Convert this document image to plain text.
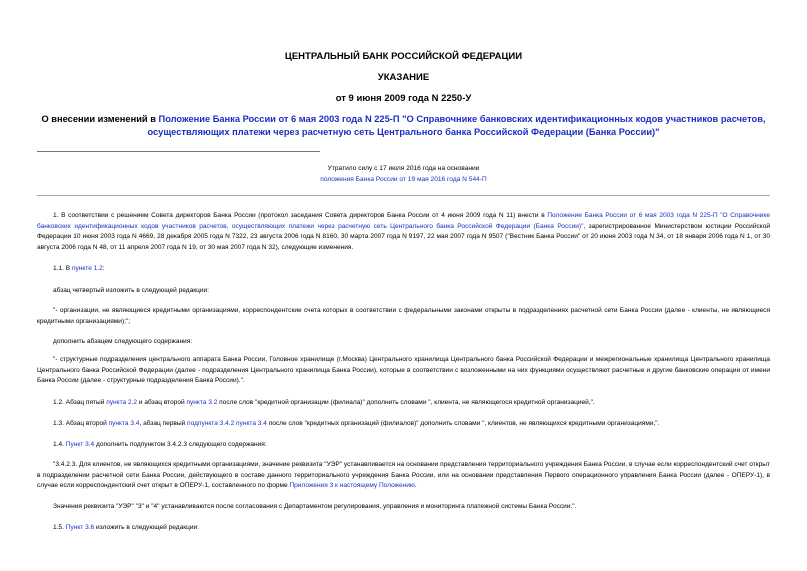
ЦЕНТРАЛЬНЫЙ БАНК РОССИЙСКОЙ ФЕДЕРАЦИИ
УКАЗАНИЕ
от 9 июня 2009 года N 2250-У
О внесении изменений в Положение Банка России от 6 мая 2003 года N 225-П "О Справочнике банковских идентификационных кодов участников расчетов, осуществляющих платежи через расчетную сеть Центрального банка Российской Федерации (Банка России)"
Утратило силу с 17 июля 2016 года на основании
положения Банка России от 19 мая 2016 года N 544-П
1. В соответствии с решением Совета директоров Банка России (протокол заседания Совета директоров Банка России от 4 июня 2009 года N 11) внести в Положение Банка России от 6 мая 2003 года N 225-П "О Справочнике банковских идентификационных кодов участников расчетов, осуществляющих платежи через расчетную сеть Центрального банка Российской Федерации (Банка России)", зарегистрированное Министерством юстиции Российской Федерации 10 июня 2003 года N 4669, 28 декабря 2005 года N 7322, 23 августа 2006 года N 8160, 30 марта 2007 года N 9197, 22 мая 2007 года N 9507 ("Вестник Банка России" от 20 июня 2003 года N 34, от 18 января 2006 года N 1, от 30 августа 2006 года N 48, от 11 апреля 2007 года N 19, от 30 мая 2007 года N 32), следующие изменения.
1.1. В пункте 1.2:
абзац четвертый изложить в следующей редакции:
"- организации, не являющиеся кредитными организациями, корреспондентские счета которых в соответствии с федеральными законами открыты в подразделениях расчетной сети Банка России (далее - клиенты, не являющиеся кредитными организациями);";
дополнить абзацем следующего содержания:
"- структурные подразделения центрального аппарата Банка России, Головное хранилище (г.Москва) Центрального хранилища Центрального банка Российской Федерации и межрегиональные хранилища Центрального хранилища Центрального банка Российской Федерации (далее - подразделения Центрального хранилища Банка России), которые в соответствии с возложенными на них функциями осуществляют расчетные и другие банковские операции от имени Банка России (далее - структурные подразделения Банка России).".
1.2. Абзац пятый пункта 2.2 и абзац второй пункта 3.2 после слов "кредитной организации (филиала)" дополнить словами ", клиента, не являющегося кредитной организацией,".
1.3. Абзац второй пункта 3.4, абзац первый подпункта 3.4.2 пункта 3.4 после слов "кредитных организаций (филиалов)" дополнить словами ", клиентов, не являющихся кредитными организациями,".
1.4. Пункт 3.4 дополнить подпунктом 3.4.2.3 следующего содержания:
"3.4.2.3. Для клиентов, не являющихся кредитными организациями, значение реквизита "УЭР" устанавливается на основании представления территориального учреждения Банка России, в случае если корреспондентский счет открыт в подразделении расчетной сети Банка России, действующего в составе данного территориального учреждения Банка России, или на основании представления Первого операционного управления Банка России (далее - ОПЕРУ-1), в случае если корреспондентский счет открыт в ОПЕРУ-1, составленного по форме Приложения 3 к настоящему Положению.
Значения реквизита "УЭР" "3" и "4" устанавливаются после согласования с Департаментом регулирования, управления и мониторинга платежной системы Банка России.".
1.5. Пункт 3.6 изложить в следующей редакции:
